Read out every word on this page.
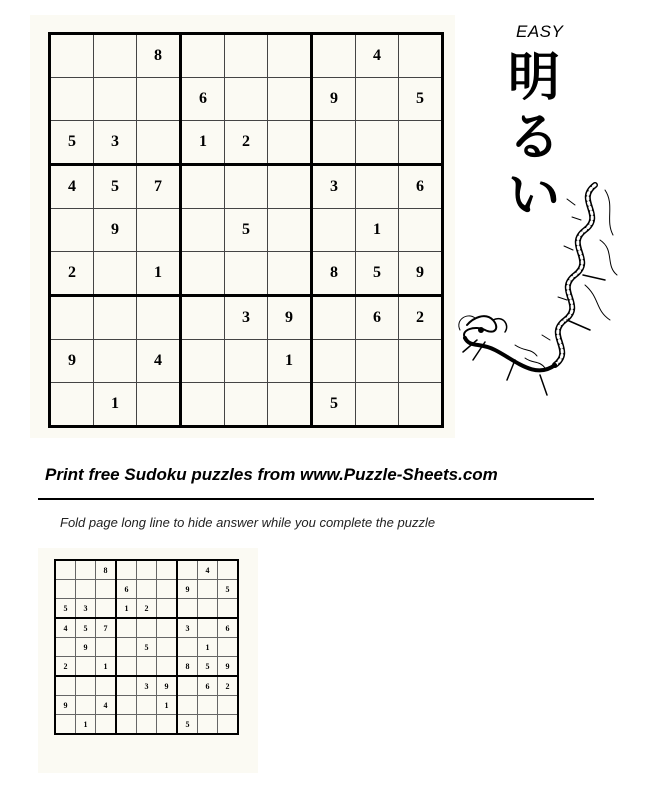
		8					4	
			6			9		5
5	3		1	2				
4	5	7				3		6
	9			5			1	
2		1				8	5	9
				3	9		6	2
9		4			1			
	1					5		
EASY
明
る
い
Print free Sudoku puzzles from www.Puzzle-Sheets.com
Fold page long line to hide answer while you complete the puzzle
		8					4	
			6			9		5
5	3		1	2				
4	5	7				3		6
	9			5			1	
2		1				8	5	9
				3	9		6	2
9		4			1			
	1					5		
